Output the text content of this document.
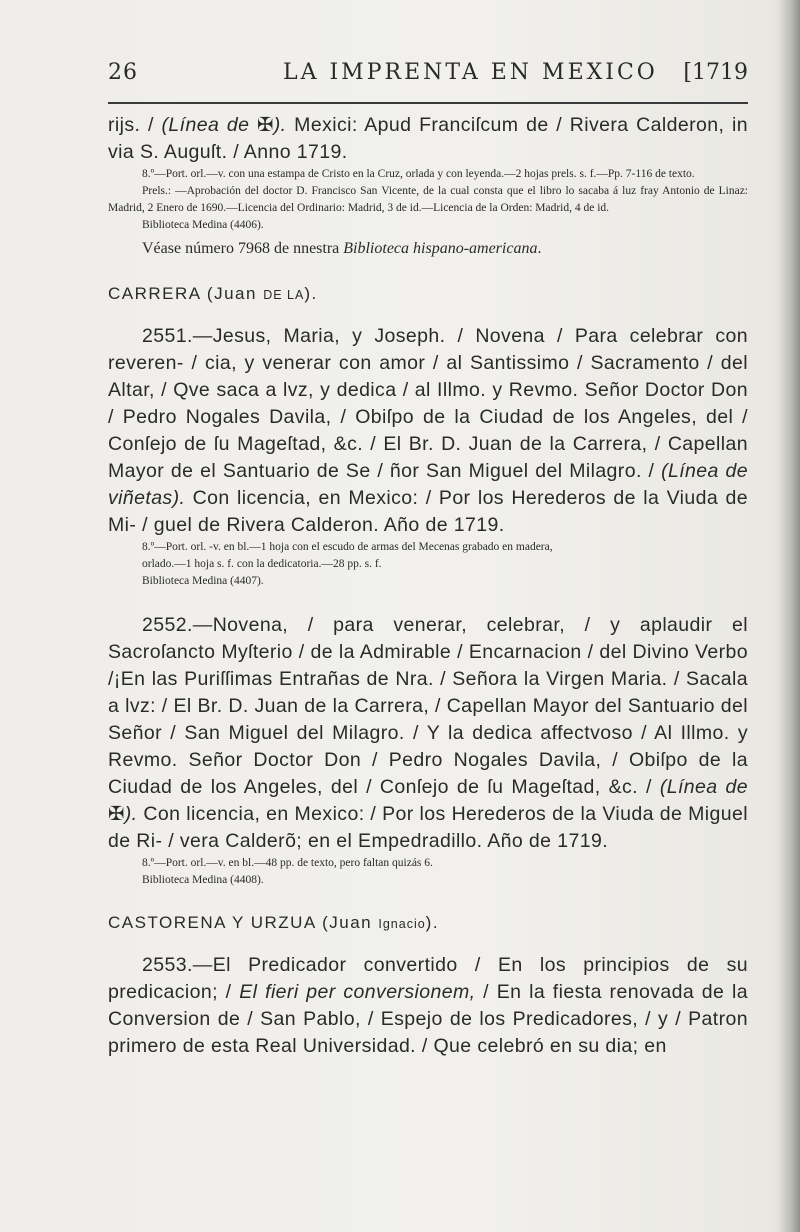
26	LA IMPRENTA EN MEXICO [1719

rijs. / (Línea de ✠). Mexici: Apud Franciſcum de / Rivera Calderon, in via S. Auguſt. / Anno 1719.

8.º—Port. orl.—v. con una estampa de Cristo en la Cruz, orlada y con leyenda.—2 hojas prels. s. f.—Pp. 7-116 de texto.

Prels.: —Aprobación del doctor D. Francisco San Vicente, de la cual consta que el libro lo sacaba á luz fray Antonio de Linaz: Madrid, 2 Enero de 1690.—Licencia del Ordinario: Madrid, 3 de id.—Licencia de la Orden: Madrid, 4 de id.

Biblioteca Medina (4406).

Véase número 7968 de nnestra Biblioteca hispano-americana.

CARRERA (Juan DE LA).

2551.—Jesus, Maria, y Joseph. / Novena / Para celebrar con reveren- / cia, y venerar con amor / al Santissimo / Sacramento / del Altar, / Qve saca a lvz, y dedica / al Illmo. y Revmo. Señor Doctor Don / Pedro Nogales Davila, / Obiſpo de la Ciudad de los Angeles, del / Conſejo de ſu Mageſtad, &c. / El Br. D. Juan de la Carrera, / Capellan Mayor de el Santuario de Se / ñor San Miguel del Milagro. / (Línea de viñetas). Con licencia, en Mexico: / Por los Herederos de la Viuda de Mi- / guel de Rivera Calderon. Año de 1719.

8.º—Port. orl. -v. en bl.—1 hoja con el escudo de armas del Mecenas grabado en madera,

orlado.—1 hoja s. f. con la dedicatoria.—28 pp. s. f.

Biblioteca Medina (4407).

2552.—Novena, / para venerar, celebrar, / y aplaudir el Sacroſancto Myſterio / de la Admirable / Encarnacion / del Divino Verbo /¡En las Puriſſimas Entrañas de Nra. / Señora la Virgen Maria. / Sacala a lvz: / El Br. D. Juan de la Carrera, / Capellan Mayor del Santuario del Señor / San Miguel del Milagro. / Y la dedica affectvoso / Al Illmo. y Revmo. Señor Doctor Don / Pedro Nogales Davila, / Obiſpo de la Ciudad de los Angeles, del / Conſejo de ſu Mageſtad, &c. / (Línea de ✠). Con licencia, en Mexico: / Por los Herederos de la Viuda de Miguel de Ri- / vera Calderõ; en el Empedradillo. Año de 1719.

8.º—Port. orl.—v. en bl.—48 pp. de texto, pero faltan quizás 6.

Biblioteca Medina (4408).

CASTORENA Y URZUA (Juan Ignacio).

2553.—El Predicador convertido / En los principios de su predicacion; / El fieri per conversionem, / En la fiesta renovada de la Conversion de / San Pablo, / Espejo de los Predicadores, / y / Patron primero de esta Real Universidad. / Que celebró en su dia; en
